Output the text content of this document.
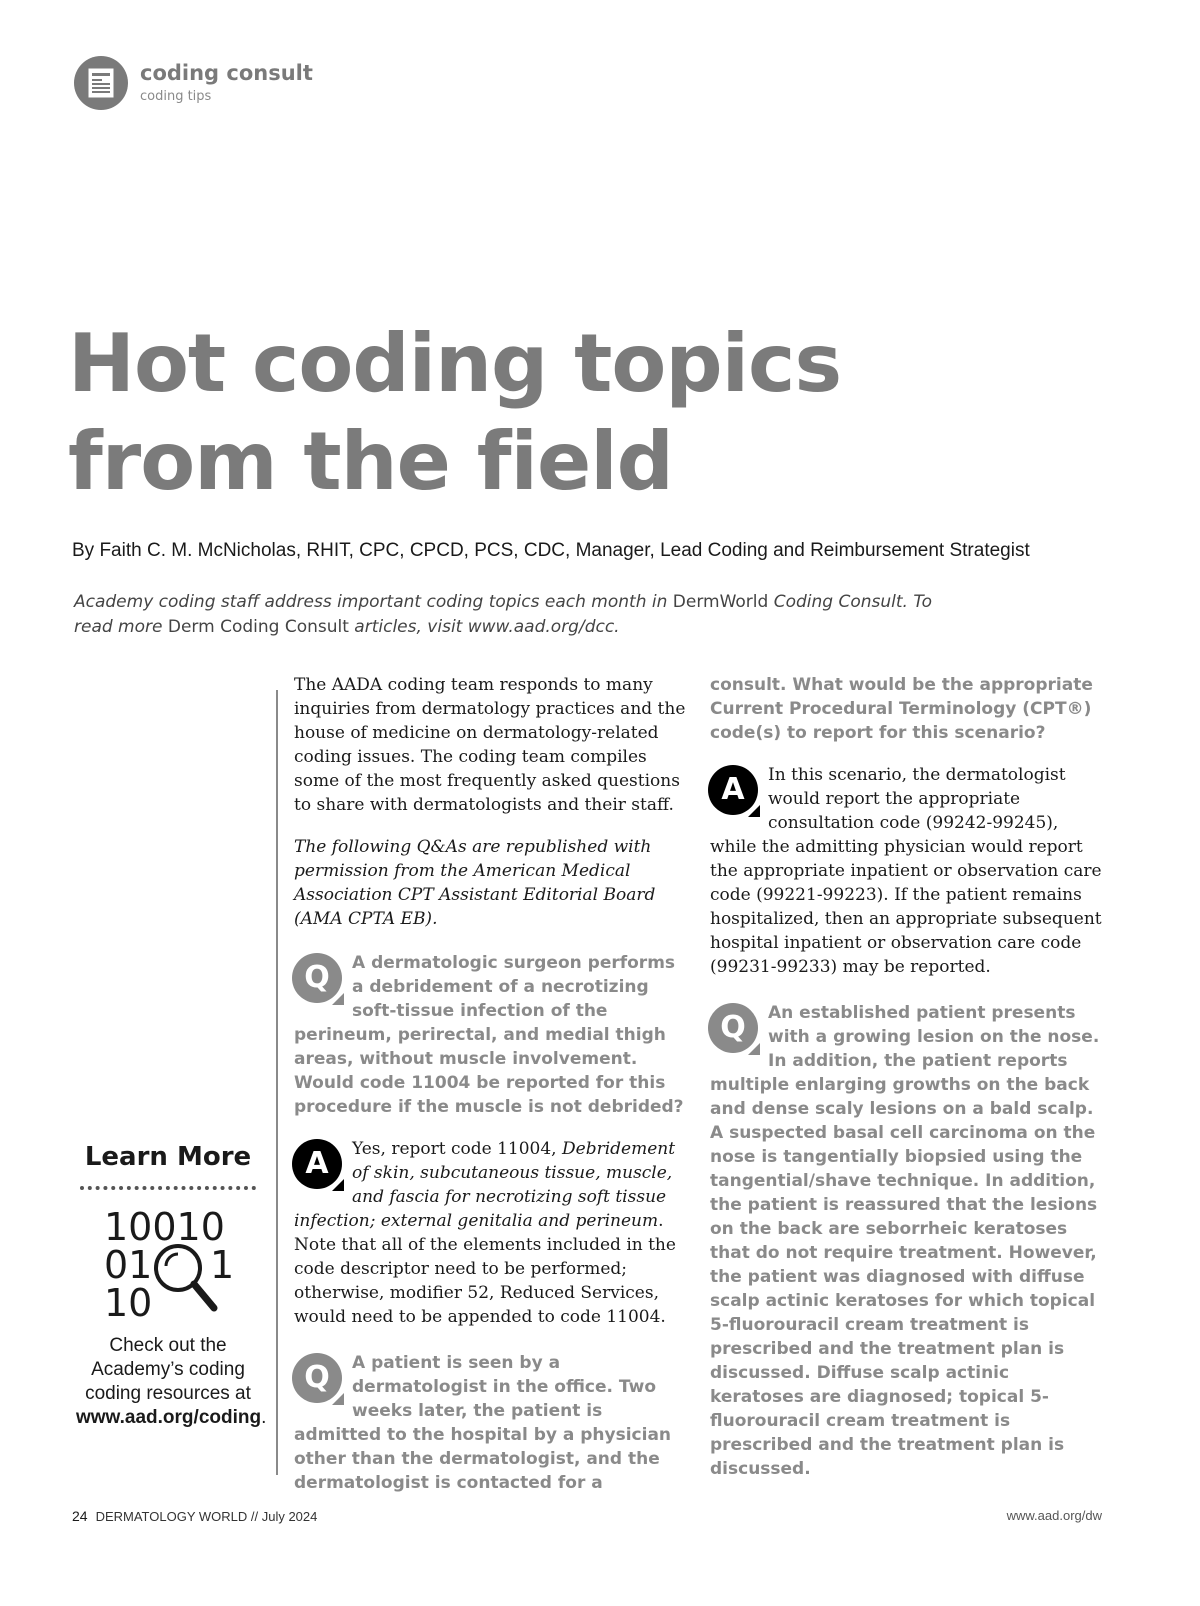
coding consult
coding tips
Hot coding topics
from the field
By Faith C. M. McNicholas, RHIT, CPC, CPCD, PCS, CDC, Manager, Lead Coding and Reimbursement Strategist
Academy coding staff address important coding topics each month in DermWorld Coding Consult. To read more Derm Coding Consult articles, visit www.aad.org/dcc.
Learn More
10010
01 1
10
Check out the Academy’s coding coding resources at www.aad.org/coding.

The AADA coding team responds to many inquiries from dermatology practices and the house of medicine on dermatology-related coding issues. The coding team compiles some of the most frequently asked questions to share with dermatologists and their staff.

The following Q&As are republished with permission from the American Medical Association CPT Assistant Editorial Board (AMA CPTA EB).

Q	A dermatologic surgeon performs a debridement of a necrotizing soft-tissue infection of the perineum, perirectal, and medial thigh areas, without muscle involvement. Would code 11004 be reported for this procedure if the muscle is not debrided?

A	Yes, report code 11004, Debridement of skin, subcutaneous tissue, muscle, and fascia for necrotizing soft tissue infection; external genitalia and perineum. Note that all of the elements included in the code descriptor need to be performed; otherwise, modifier 52, Reduced Services, would need to be appended to code 11004.

Q	A patient is seen by a dermatologist in the office. Two weeks later, the patient is admitted to the hospital by a physician other than the dermatologist, and the dermatologist is contacted for a

consult. What would be the appropriate Current Procedural Terminology (CPT®) code(s) to report for this scenario?

A	In this scenario, the dermatologist would report the appropriate consultation code (99242-99245), while the admitting physician would report the appropriate inpatient or observation care code (99221-99223). If the patient remains hospitalized, then an appropriate subsequent hospital inpatient or observation care code (99231-99233) may be reported.

Q	An established patient presents with a growing lesion on the nose. In addition, the patient reports multiple enlarging growths on the back and dense scaly lesions on a bald scalp. A suspected basal cell carcinoma on the nose is tangentially biopsied using the tangential/shave technique. In addition, the patient is reassured that the lesions on the back are seborrheic keratoses that do not require treatment. However, the patient was diagnosed with diffuse scalp actinic keratoses for which topical 5-fluorouracil cream treatment is prescribed and the treatment plan is discussed. Diffuse scalp actinic keratoses are diagnosed; topical 5-fluorouracil cream treatment is prescribed and the treatment plan is discussed.

24 DERMATOLOGY WORLD // July 2024	www.aad.org/dw
